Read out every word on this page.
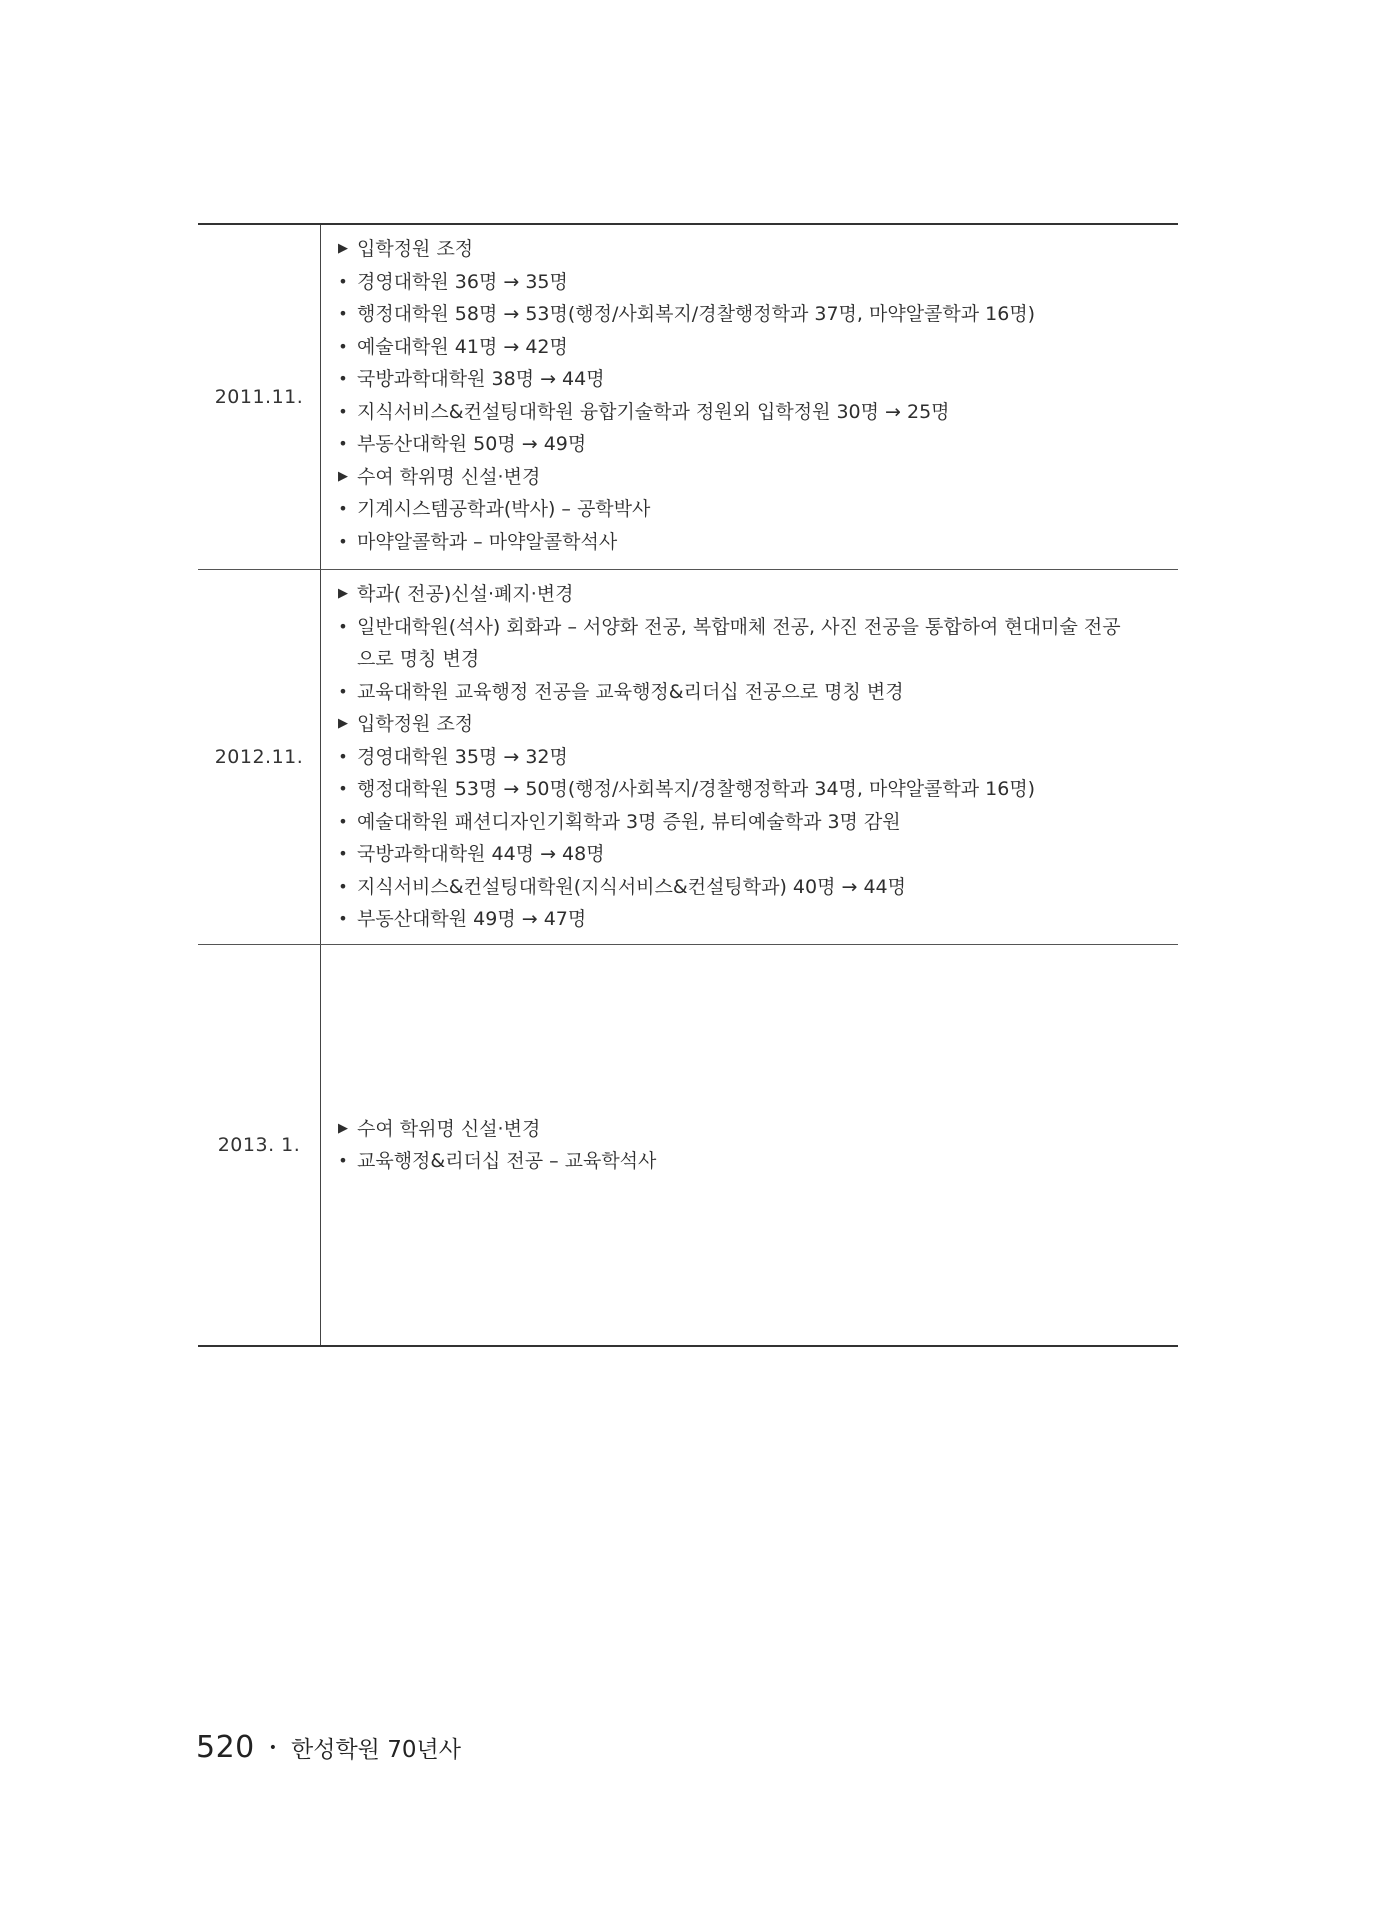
2011.11.
▶ 입학정원 조정
• 경영대학원 36명 → 35명
• 행정대학원 58명 → 53명(행정/사회복지/경찰행정학과 37명, 마약알콜학과 16명)
• 예술대학원 41명 → 42명
• 국방과학대학원 38명 → 44명
• 지식서비스&컨설팅대학원 융합기술학과 정원외 입학정원 30명 → 25명
• 부동산대학원 50명 → 49명
▶ 수여 학위명 신설·변경
• 기계시스템공학과(박사) – 공학박사
• 마약알콜학과 – 마약알콜학석사
2012.11.
▶ 학과( 전공)신설·폐지·변경
• 일반대학원(석사) 회화과 – 서양화 전공, 복합매체 전공, 사진 전공을 통합하여 현대미술 전공
으로 명칭 변경
• 교육대학원 교육행정 전공을 교육행정&리더십 전공으로 명칭 변경
▶ 입학정원 조정
• 경영대학원 35명 → 32명
• 행정대학원 53명 → 50명(행정/사회복지/경찰행정학과 34명, 마약알콜학과 16명)
• 예술대학원 패션디자인기획학과 3명 증원, 뷰티예술학과 3명 감원
• 국방과학대학원 44명 → 48명
• 지식서비스&컨설팅대학원(지식서비스&컨설팅학과) 40명 → 44명
• 부동산대학원 49명 → 47명
2013. 1.
▶ 수여 학위명 신설·변경
• 교육행정&리더십 전공 – 교육학석사
520 • 한성학원 70년사
